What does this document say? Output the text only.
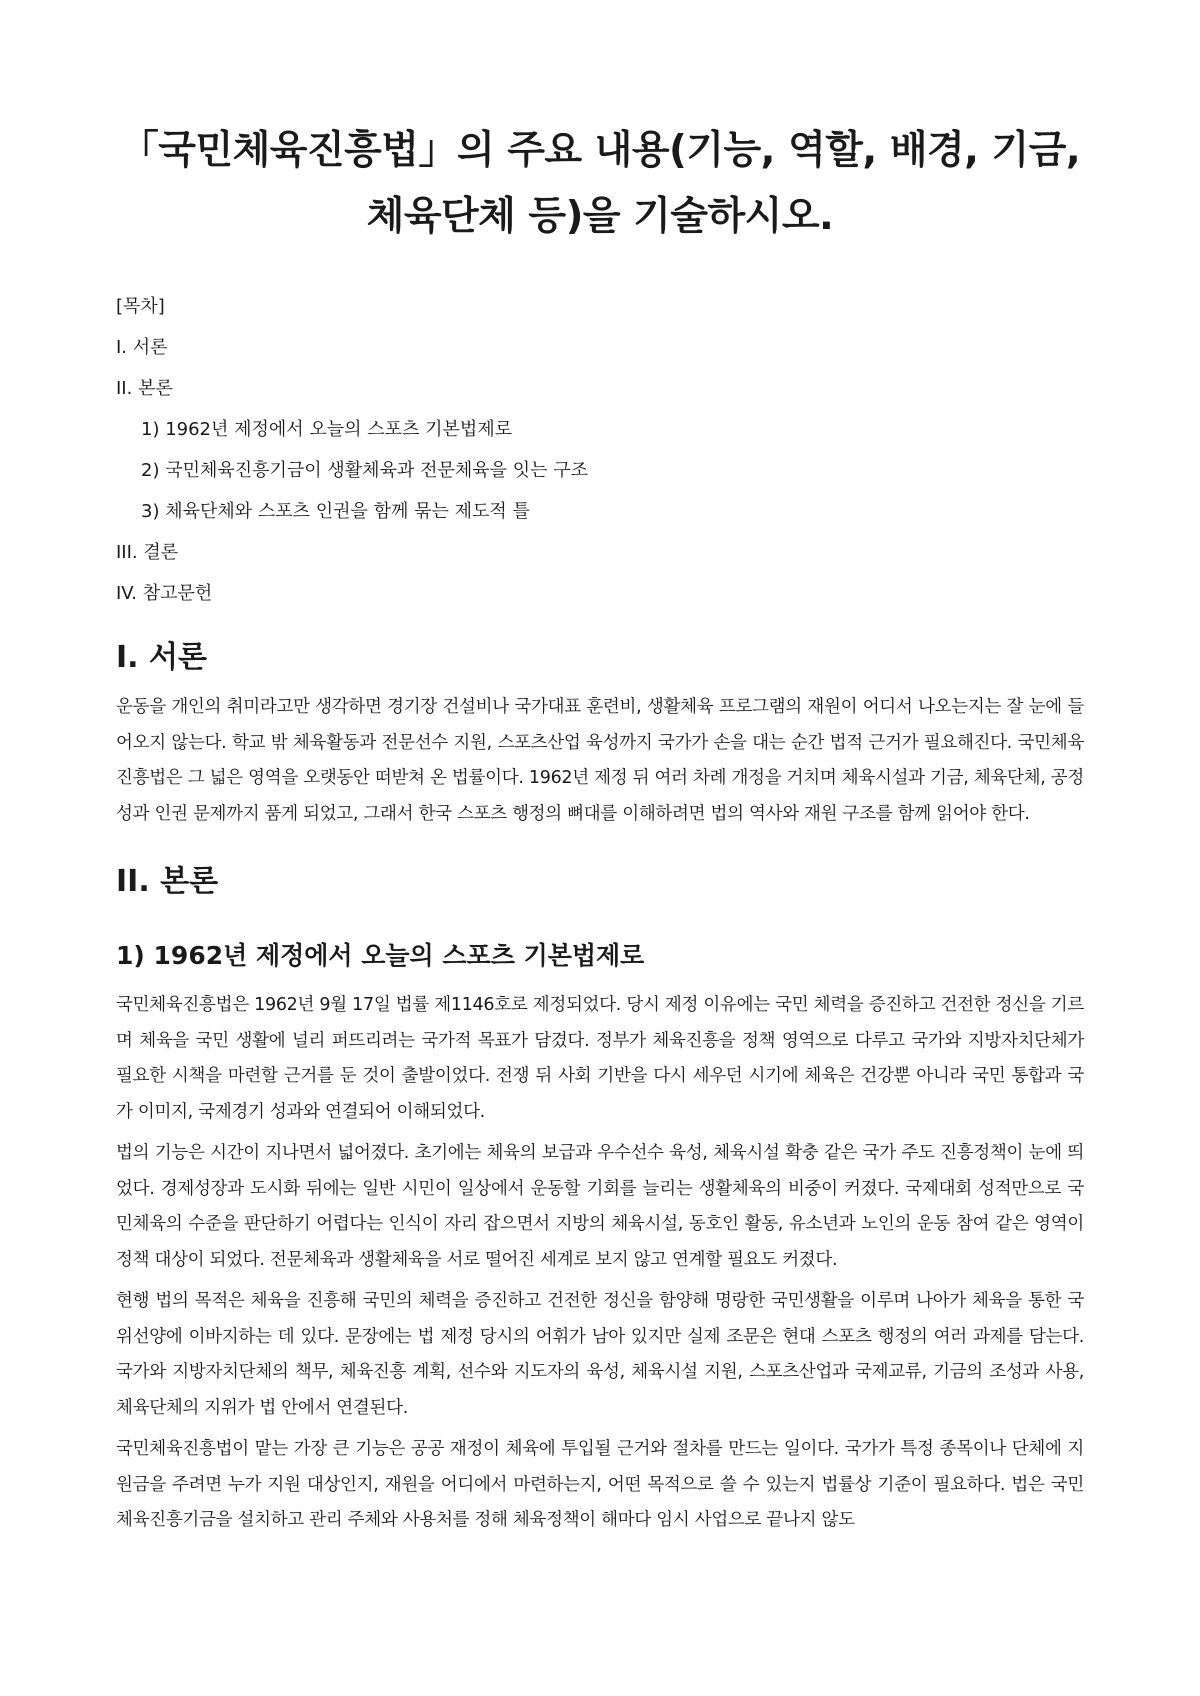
「국민체육진흥법」의 주요 내용(기능, 역할, 배경, 기금, 체육단체 등)을 기술하시오.

[목차]

I. 서론

II. 본론

1) 1962년 제정에서 오늘의 스포츠 기본법제로

2) 국민체육진흥기금이 생활체육과 전문체육을 잇는 구조

3) 체육단체와 스포츠 인권을 함께 묶는 제도적 틀

III. 결론

IV. 참고문헌

I. 서론

운동을 개인의 취미라고만 생각하면 경기장 건설비나 국가대표 훈련비, 생활체육 프로그램의 재원이 어디서 나오는지는 잘 눈에 들어오지 않는다. 학교 밖 체육활동과 전문선수 지원, 스포츠산업 육성까지 국가가 손을 대는 순간 법적 근거가 필요해진다. 국민체육진흥법은 그 넓은 영역을 오랫동안 떠받쳐 온 법률이다. 1962년 제정 뒤 여러 차례 개정을 거치며 체육시설과 기금, 체육단체, 공정성과 인권 문제까지 품게 되었고, 그래서 한국 스포츠 행정의 뼈대를 이해하려면 법의 역사와 재원 구조를 함께 읽어야 한다.

II. 본론
1) 1962년 제정에서 오늘의 스포츠 기본법제로

국민체육진흥법은 1962년 9월 17일 법률 제1146호로 제정되었다. 당시 제정 이유에는 국민 체력을 증진하고 건전한 정신을 기르며 체육을 국민 생활에 널리 퍼뜨리려는 국가적 목표가 담겼다. 정부가 체육진흥을 정책 영역으로 다루고 국가와 지방자치단체가 필요한 시책을 마련할 근거를 둔 것이 출발이었다. 전쟁 뒤 사회 기반을 다시 세우던 시기에 체육은 건강뿐 아니라 국민 통합과 국가 이미지, 국제경기 성과와 연결되어 이해되었다.

법의 기능은 시간이 지나면서 넓어졌다. 초기에는 체육의 보급과 우수선수 육성, 체육시설 확충 같은 국가 주도 진흥정책이 눈에 띄었다. 경제성장과 도시화 뒤에는 일반 시민이 일상에서 운동할 기회를 늘리는 생활체육의 비중이 커졌다. 국제대회 성적만으로 국민체육의 수준을 판단하기 어렵다는 인식이 자리 잡으면서 지방의 체육시설, 동호인 활동, 유소년과 노인의 운동 참여 같은 영역이 정책 대상이 되었다. 전문체육과 생활체육을 서로 떨어진 세계로 보지 않고 연계할 필요도 커졌다.

현행 법의 목적은 체육을 진흥해 국민의 체력을 증진하고 건전한 정신을 함양해 명랑한 국민생활을 이루며 나아가 체육을 통한 국위선양에 이바지하는 데 있다. 문장에는 법 제정 당시의 어휘가 남아 있지만 실제 조문은 현대 스포츠 행정의 여러 과제를 담는다. 국가와 지방자치단체의 책무, 체육진흥 계획, 선수와 지도자의 육성, 체육시설 지원, 스포츠산업과 국제교류, 기금의 조성과 사용, 체육단체의 지위가 법 안에서 연결된다.

국민체육진흥법이 맡는 가장 큰 기능은 공공 재정이 체육에 투입될 근거와 절차를 만드는 일이다. 국가가 특정 종목이나 단체에 지원금을 주려면 누가 지원 대상인지, 재원을 어디에서 마련하는지, 어떤 목적으로 쓸 수 있는지 법률상 기준이 필요하다. 법은 국민체육진흥기금을 설치하고 관리 주체와 사용처를 정해 체육정책이 해마다 임시 사업으로 끝나지 않도
